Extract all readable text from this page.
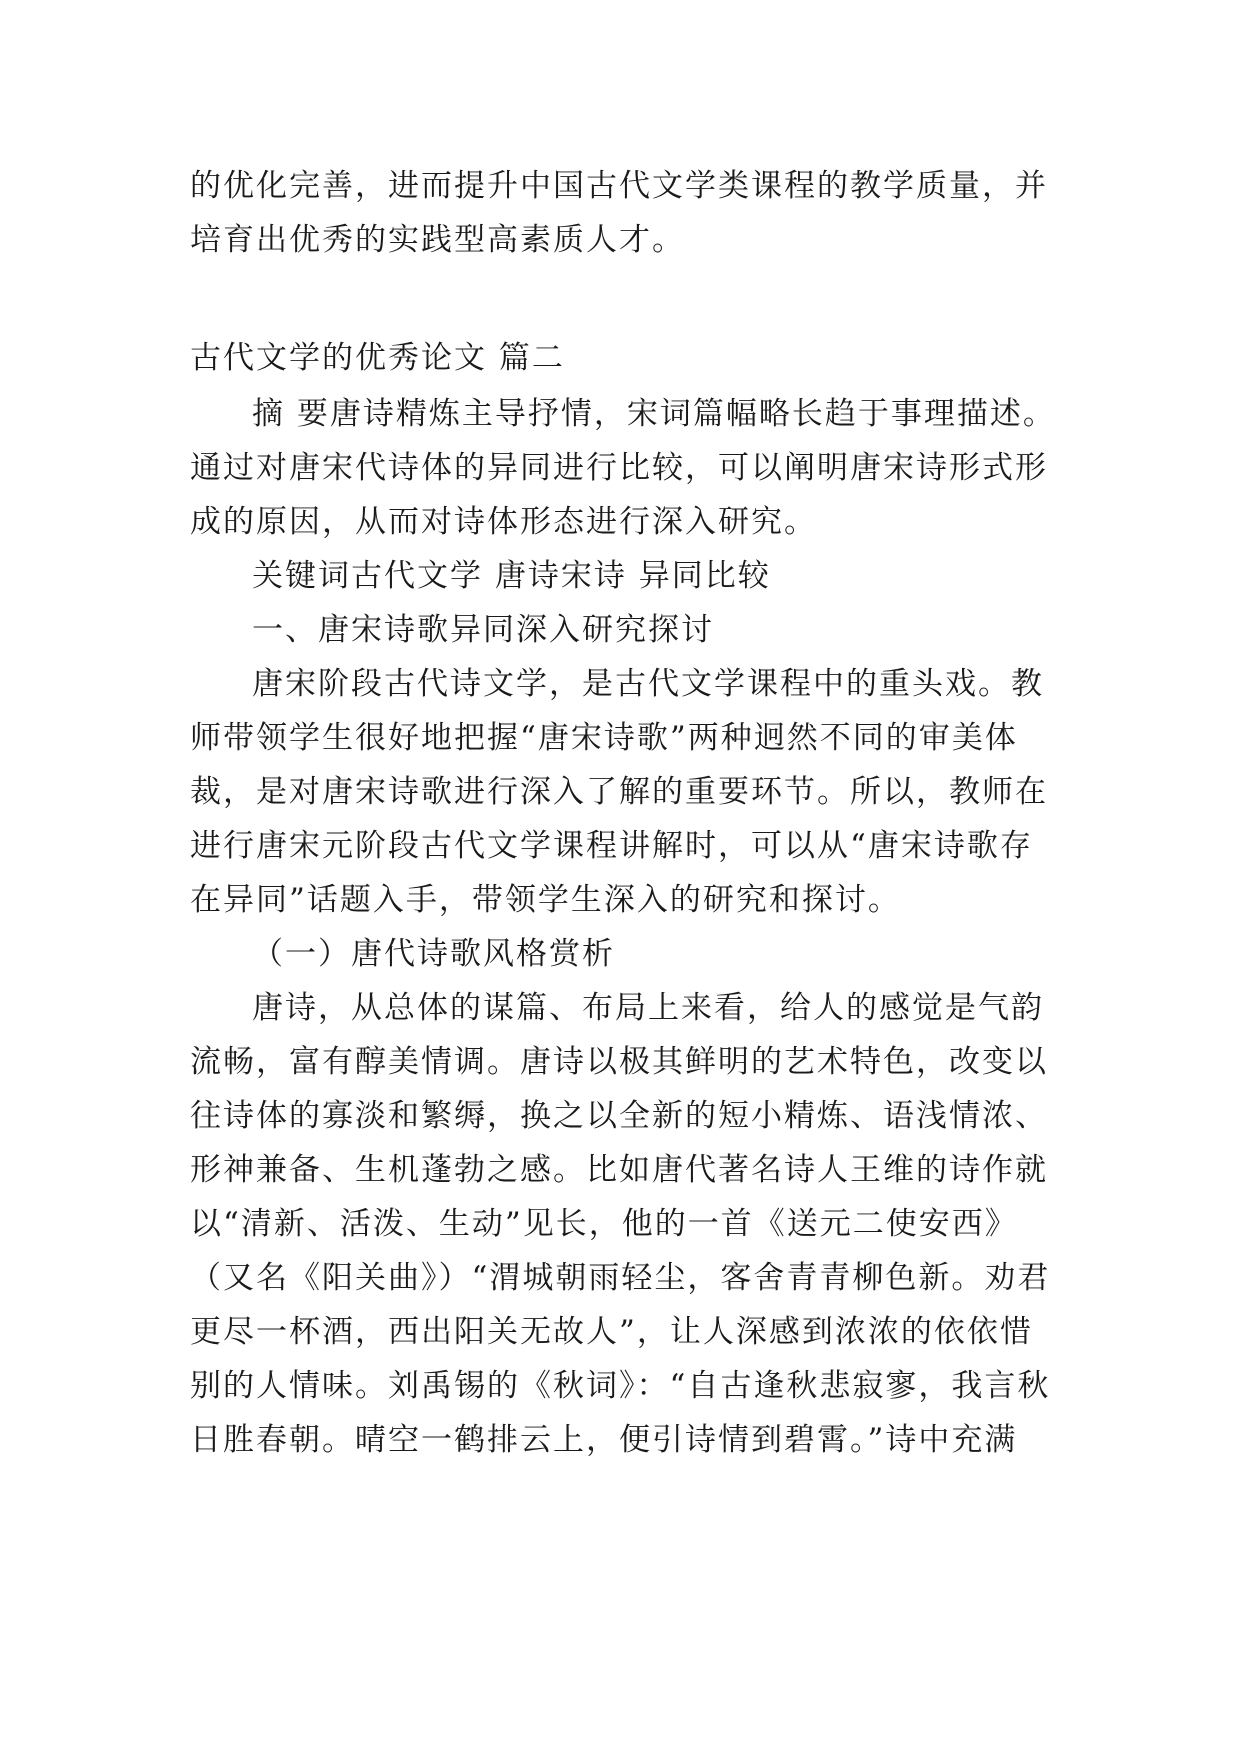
的优化完善，进而提升中国古代文学类课程的教学质量，并
培育出优秀的实践型高素质人才。
古代文学的优秀论文 篇二
摘 要唐诗精炼主导抒情，宋词篇幅略长趋于事理描述。
通过对唐宋代诗体的异同进行比较，可以阐明唐宋诗形式形
成的原因，从而对诗体形态进行深入研究。
关键词古代文学 唐诗宋诗 异同比较
一、唐宋诗歌异同深入研究探讨
唐宋阶段古代诗文学，是古代文学课程中的重头戏。教
师带领学生很好地把握“唐宋诗歌”两种迥然不同的审美体
裁，是对唐宋诗歌进行深入了解的重要环节。所以，教师在
进行唐宋元阶段古代文学课程讲解时，可以从“唐宋诗歌存
在异同”话题入手，带领学生深入的研究和探讨。
（一）唐代诗歌风格赏析
唐诗，从总体的谋篇、布局上来看，给人的感觉是气韵
流畅，富有醇美情调。唐诗以极其鲜明的艺术特色，改变以
往诗体的寡淡和繁缛，换之以全新的短小精炼、语浅情浓、
形神兼备、生机蓬勃之感。比如唐代著名诗人王维的诗作就
以“清新、活泼、生动”见长，他的一首《送元二使安西》
（又名《阳关曲》）“渭城朝雨轻尘，客舍青青柳色新。劝君
更尽一杯酒，西出阳关无故人”，让人深感到浓浓的依依惜
别的人情味。刘禹锡的《秋词》：“自古逢秋悲寂寥，我言秋
日胜春朝。晴空一鹤排云上，便引诗情到碧霄。”诗中充满
